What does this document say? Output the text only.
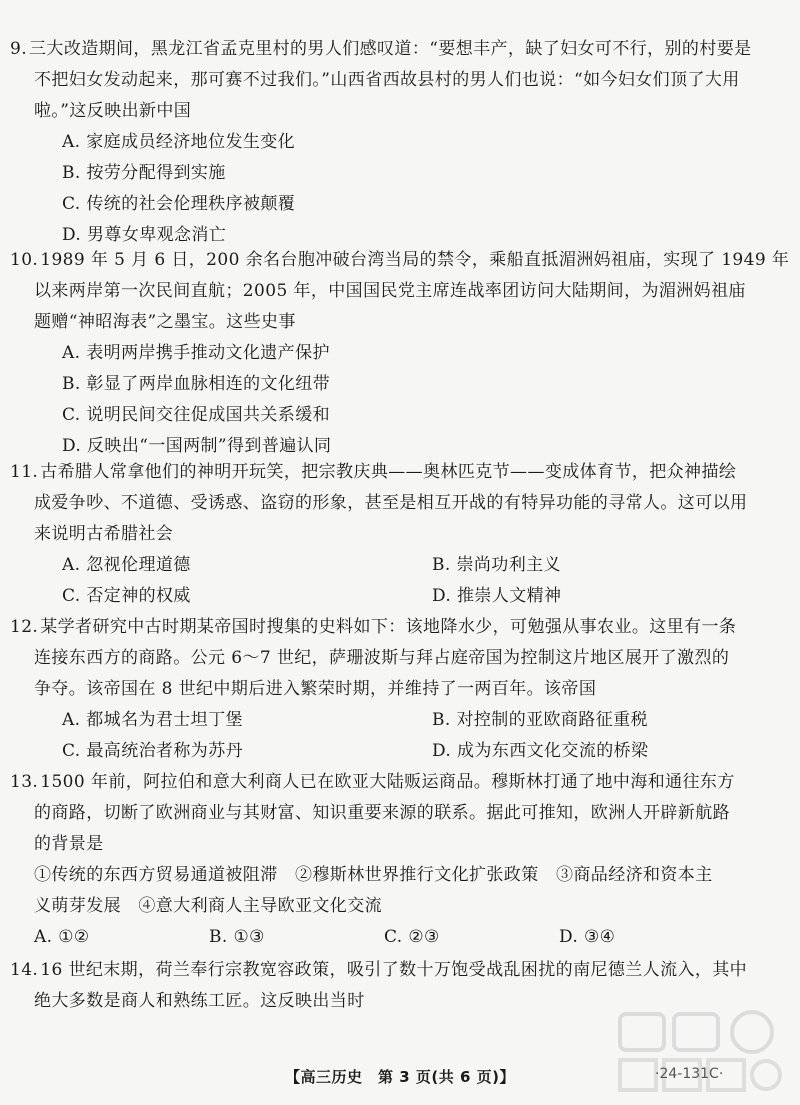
9. 三大改造期间，黑龙江省孟克里村的男人们感叹道：“要想丰产，缺了妇女可不行，别的村要是
不把妇女发动起来，那可赛不过我们。”山西省西故县村的男人们也说：“如今妇女们顶了大用
啦。”这反映出新中国
A. 家庭成员经济地位发生变化
B. 按劳分配得到实施
C. 传统的社会伦理秩序被颠覆
D. 男尊女卑观念消亡
10. 1989 年 5 月 6 日，200 余名台胞冲破台湾当局的禁令，乘船直抵湄洲妈祖庙，实现了 1949 年
以来两岸第一次民间直航；2005 年，中国国民党主席连战率团访问大陆期间，为湄洲妈祖庙
题赠“神昭海表”之墨宝。这些史事
A. 表明两岸携手推动文化遗产保护
B. 彰显了两岸血脉相连的文化纽带
C. 说明民间交往促成国共关系缓和
D. 反映出“一国两制”得到普遍认同
11. 古希腊人常拿他们的神明开玩笑，把宗教庆典——奥林匹克节——变成体育节，把众神描绘
成爱争吵、不道德、受诱惑、盗窃的形象，甚至是相互开战的有特异功能的寻常人。这可以用
来说明古希腊社会
A. 忽视伦理道德	B. 崇尚功利主义
C. 否定神的权威	D. 推崇人文精神
12. 某学者研究中古时期某帝国时搜集的史料如下：该地降水少，可勉强从事农业。这里有一条
连接东西方的商路。公元 6～7 世纪，萨珊波斯与拜占庭帝国为控制这片地区展开了激烈的
争夺。该帝国在 8 世纪中期后进入繁荣时期，并维持了一两百年。该帝国
A. 都城名为君士坦丁堡	B. 对控制的亚欧商路征重税
C. 最高统治者称为苏丹	D. 成为东西文化交流的桥梁
13. 1500 年前，阿拉伯和意大利商人已在欧亚大陆贩运商品。穆斯林打通了地中海和通往东方
的商路，切断了欧洲商业与其财富、知识重要来源的联系。据此可推知，欧洲人开辟新航路
的背景是
①传统的东西方贸易通道被阻滞　②穆斯林世界推行文化扩张政策　③商品经济和资本主
义萌芽发展　④意大利商人主导欧亚文化交流
A. ①②	B. ①③	C. ②③	D. ③④
14. 16 世纪末期，荷兰奉行宗教宽容政策，吸引了数十万饱受战乱困扰的南尼德兰人流入，其中
绝大多数是商人和熟练工匠。这反映出当时
【高三历史　第 3 页(共 6 页)】	·24-131C·
